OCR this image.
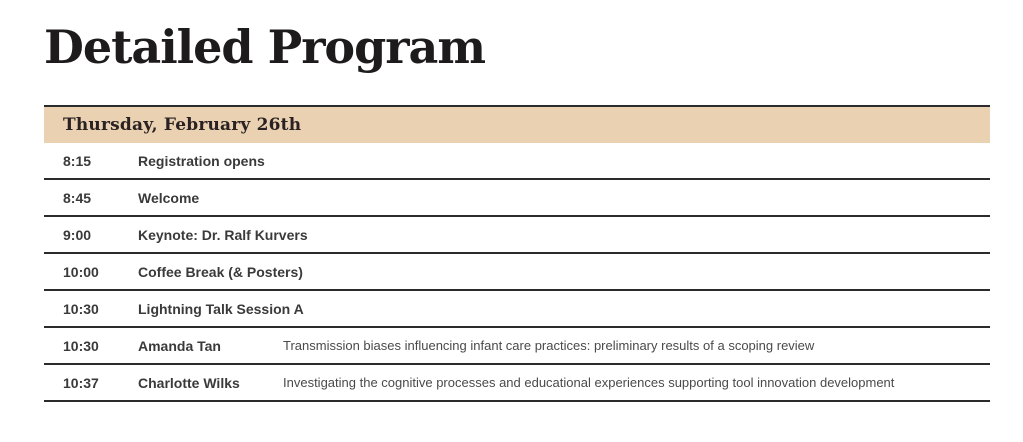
Detailed Program
Thursday, February 26th
8:15	Registration opens
8:45	Welcome
9:00	Keynote: Dr. Ralf Kurvers
10:00	Coffee Break (& Posters)
10:30	Lightning Talk Session A
10:30	Amanda Tan	Transmission biases influencing infant care practices: preliminary results of a scoping review
10:37	Charlotte Wilks	Investigating the cognitive processes and educational experiences supporting tool innovation development
